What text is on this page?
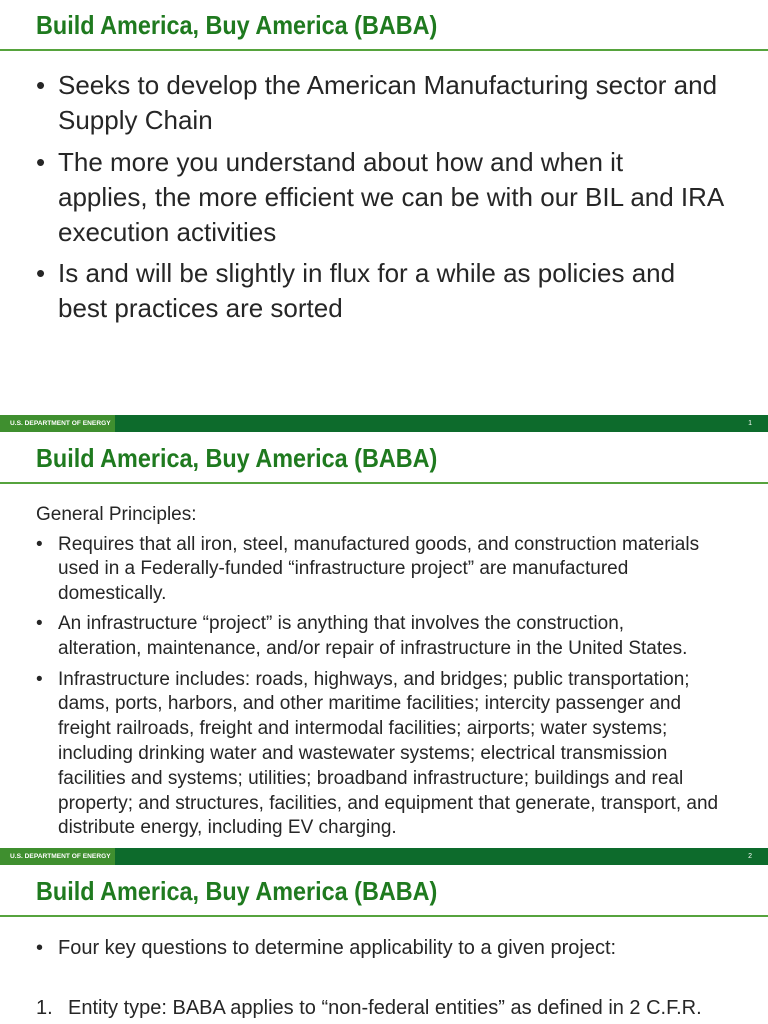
Build America, Buy America (BABA)
• Seeks to develop the American Manufacturing sector and
Supply Chain
• The more you understand about how and when it
applies, the more efficient we can be with our BIL and IRA
execution activities
• Is and will be slightly in flux for a while as policies and
best practices are sorted
U.S. DEPARTMENT OF ENERGY	1
Build America, Buy America (BABA)
General Principles:
• Requires that all iron, steel, manufactured goods, and construction materials
used in a Federally-funded “infrastructure project” are manufactured
domestically.
• An infrastructure “project” is anything that involves the construction,
alteration, maintenance, and/or repair of infrastructure in the United States.
• Infrastructure includes: roads, highways, and bridges; public transportation;
dams, ports, harbors, and other maritime facilities; intercity passenger and
freight railroads, freight and intermodal facilities; airports; water systems;
including drinking water and wastewater systems; electrical transmission
facilities and systems; utilities; broadband infrastructure; buildings and real
property; and structures, facilities, and equipment that generate, transport, and
distribute energy, including EV charging.
U.S. DEPARTMENT OF ENERGY	2
Build America, Buy America (BABA)
• Four key questions to determine applicability to a given project:
1. Entity type: BABA applies to “non-federal entities” as defined in 2 C.F.R.
